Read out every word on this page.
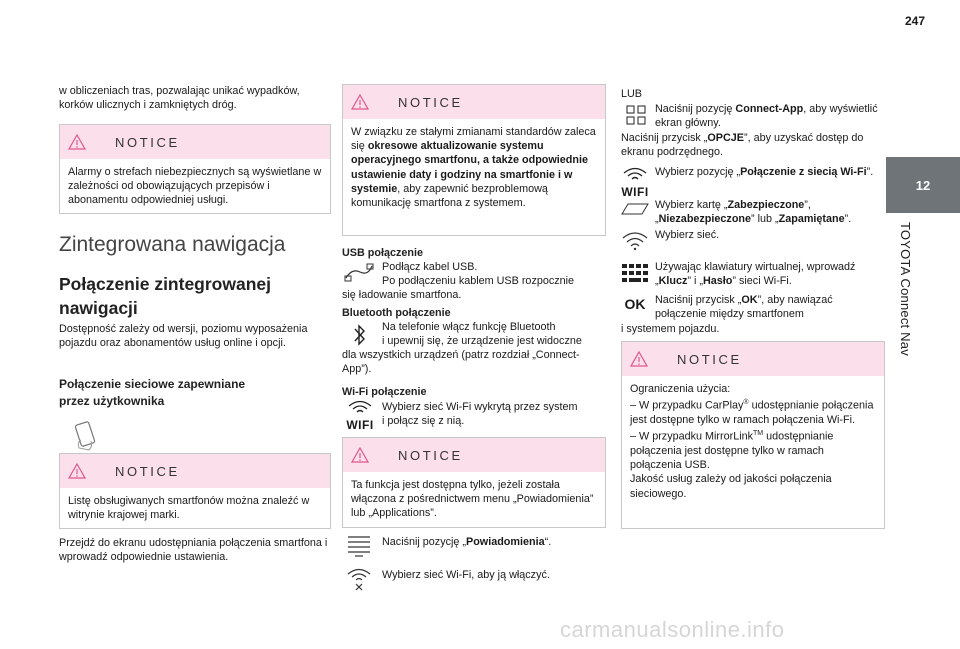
247
12
TOYOTA Connect Nav
w obliczeniach tras, pozwalając unikać wypadków, korków ulicznych i zamkniętych dróg.
NOTICE
Alarmy o strefach niebezpiecznych są wyświetlane w zależności od obowiązujących przepisów i abonamentu odpowiedniej usługi.
Zintegrowana nawigacja
Połączenie zintegrowanej
nawigacji
Dostępność zależy od wersji, poziomu wyposażenia pojazdu oraz abonamentów usług online i opcji.
Połączenie sieciowe zapewniane
przez użytkownika
NOTICE
Listę obsługiwanych smartfonów można znaleźć w witrynie krajowej marki.
Przejdź do ekranu udostępniania połączenia smartfona i wprowadź odpowiednie ustawienia.
NOTICE
W związku ze stałymi zmianami standardów zaleca się okresowe aktualizowanie systemu operacyjnego smartfonu, a także odpowiednie ustawienie daty i godziny na smartfonie i w systemie, aby zapewnić bezproblemową komunikację smartfona z systemem.
USB połączenie
Podłącz kabel USB.
Po podłączeniu kablem USB rozpocznie
się ładowanie smartfona.
Bluetooth połączenie
Na telefonie włącz funkcję Bluetooth
i upewnij się, że urządzenie jest widoczne
dla wszystkich urządzeń (patrz rozdział „Connect-App”).
Wi-Fi połączenie
WIFI
Wybierz sieć Wi-Fi wykrytą przez system
i połącz się z nią.
NOTICE
Ta funkcja jest dostępna tylko, jeżeli została włączona z pośrednictwem menu „Powiadomienia” lub „Applications”.
Naciśnij pozycję „Powiadomienia“.
Wybierz sieć Wi-Fi, aby ją włączyć.
LUB
Naciśnij pozycję Connect-App, aby wyświetlić ekran główny.
Naciśnij przycisk „OPCJE”, aby uzyskać dostęp do ekranu podrzędnego.
WIFI
Wybierz pozycję „Połączenie z siecią Wi-Fi”.
Wybierz kartę „Zabezpieczone”, „Niezabezpieczone” lub „Zapamiętane”.
Wybierz sieć.
Używając klawiatury wirtualnej, wprowadź „Klucz” i „Hasło” sieci Wi-Fi.
OK Naciśnij przycisk „OK”, aby nawiązać połączenie między smartfonem
i systemem pojazdu.
NOTICE
Ograniczenia użycia:
– W przypadku CarPlay® udostępnianie połączenia jest dostępne tylko w ramach połączenia Wi-Fi.
– W przypadku MirrorLink™ udostępnianie połączenia jest dostępne tylko w ramach połączenia USB.
Jakość usług zależy od jakości połączenia sieciowego.
carmanualsonline.info
